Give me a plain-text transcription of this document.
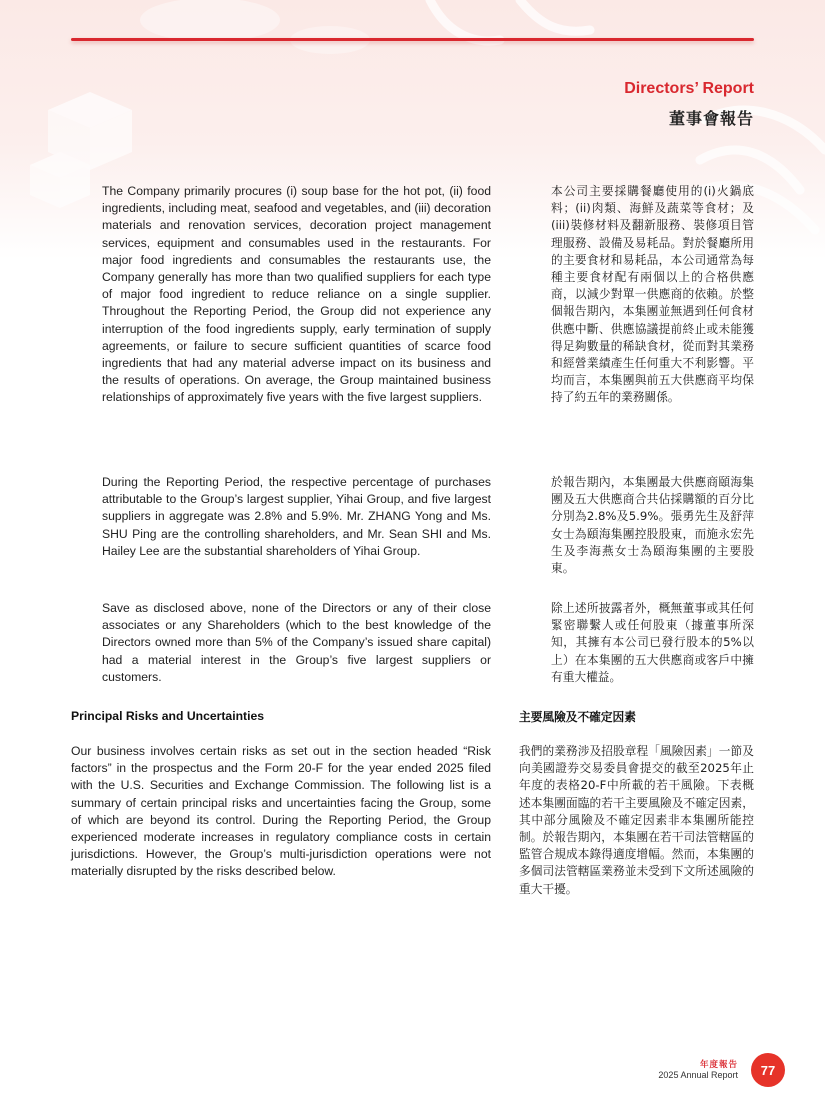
Directors’ Report
董事會報告
The Company primarily procures (i) soup base for the hot pot, (ii) food ingredients, including meat, seafood and vegetables, and (iii) decoration materials and renovation services, decoration project management services, equipment and consumables used in the restaurants. For major food ingredients and consumables the restaurants use, the Company generally has more than two qualified suppliers for each type of major food ingredient to reduce reliance on a single supplier. Throughout the Reporting Period, the Group did not experience any interruption of the food ingredients supply, early termination of supply agreements, or failure to secure sufficient quantities of scarce food ingredients that had any material adverse impact on its business and the results of operations. On average, the Group maintained business relationships of approximately five years with the five largest suppliers.
本公司主要採購餐廳使用的(i)火鍋底料；(ii)肉類、海鮮及蔬菜等食材；及(iii)裝修材料及翻新服務、裝修項目管理服務、設備及易耗品。對於餐廳所用的主要食材和易耗品，本公司通常為每種主要食材配有兩個以上的合格供應商，以減少對單一供應商的依賴。於整個報告期內，本集團並無遇到任何食材供應中斷、供應協議提前終止或未能獲得足夠數量的稀缺食材，從而對其業務和經營業績產生任何重大不利影響。平均而言，本集團與前五大供應商平均保持了約五年的業務關係。
During the Reporting Period, the respective percentage of purchases attributable to the Group’s largest supplier, Yihai Group, and five largest suppliers in aggregate was 2.8% and 5.9%. Mr. ZHANG Yong and Ms. SHU Ping are the controlling shareholders, and Mr. Sean SHI and Ms. Hailey Lee are the substantial shareholders of Yihai Group.
於報告期內，本集團最大供應商頤海集團及五大供應商合共佔採購額的百分比分別為2.8%及5.9%。張勇先生及舒萍女士為頤海集團控股股東，而施永宏先生及李海燕女士為頤海集團的主要股東。
Save as disclosed above, none of the Directors or any of their close associates or any Shareholders (which to the best knowledge of the Directors owned more than 5% of the Company’s issued share capital) had a material interest in the Group’s five largest suppliers or customers.
除上述所披露者外，概無董事或其任何緊密聯繫人或任何股東（據董事所深知，其擁有本公司已發行股本的5%以上）在本集團的五大供應商或客戶中擁有重大權益。
Principal Risks and Uncertainties	主要風險及不確定因素
Our business involves certain risks as set out in the section headed “Risk factors” in the prospectus and the Form 20-F for the year ended 2025 filed with the U.S. Securities and Exchange Commission. The following list is a summary of certain principal risks and uncertainties facing the Group, some of which are beyond its control. During the Reporting Period, the Group experienced moderate increases in regulatory compliance costs in certain jurisdictions. However, the Group’s multi-jurisdiction operations were not materially disrupted by the risks described below.
我們的業務涉及招股章程「風險因素」一節及向美國證券交易委員會提交的截至2025年止年度的表格20-F中所載的若干風險。下表概述本集團面臨的若干主要風險及不確定因素，其中部分風險及不確定因素非本集團所能控制。於報告期內，本集團在若干司法管轄區的監管合規成本錄得適度增幅。然而，本集團的多個司法管轄區業務並未受到下文所述風險的重大干擾。
年度報告
2025 Annual Report	77
